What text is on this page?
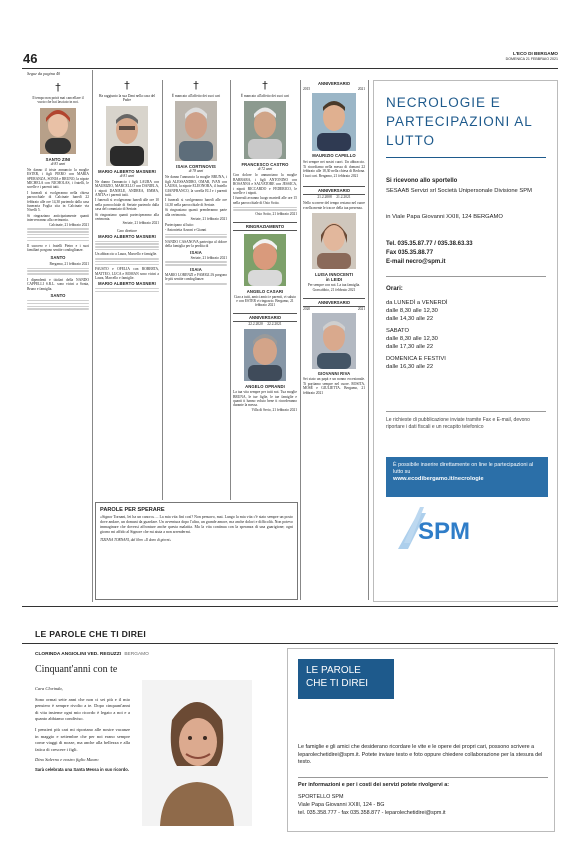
46	L'ECO DI BERGAMO
DOMENICA 21 FEBBRAIO 2021
Segue da pagina 40
†
Il tempo non potrà mai cancellare il vuoto che hai lasciato in noi.
SANTO ZINI
di 83 anni
Ne danno il triste annuncio la moglie ESTER, i figli PIERO con MARIA SPERANZA, SONIA e BRUNO, la nipote MICHELA con NICHOLAS, i fratelli, le sorelle e i parenti tutti.
I funerali si svolgeranno nella chiesa parrocchiale di Calcinate lunedì 22 febbraio alle ore 14,30 partendo dalla casa funeraria Foglia sita in Calcinate via Nivelli 5.
Si ringraziano anticipatamente quanti interverranno alla cerimonia.
Calcinate, 21 febbraio 2021
Il suocero e i fratelli Pietro e i suoi familiari porgono sentite condoglianze.
SANTO
Bergamo, 21 febbraio 2021
I dipendenti e titolari della NANDO CAPPELLI S.R.L. sono vicini a Sonia, Bruno e famiglia.
SANTO
†
Ha raggiunto la sua Dani nella casa del Padre
MARIO ALBERTO MASNERI
di 81 anni
Ne danno l'annuncio i figli LAURA con MAURIZIO, MARCELLO con DANIELA, i nipoti DANIELE, ANDREA, EMMA, ANITA e i parenti tutti.
I funerali si svolgeranno lunedì alle ore 10 nella parrocchiale di Seriate partendo dalla casa del commiato di Seriate.
Si ringraziano quanti parteciperanno alla cerimonia.
Seriate, 21 febbraio 2021
Caro direttore
MARIO ALBERTO MASNERI
Un abbraccio a Laura, Marcello e famiglie.
FAUSTO e OFELIA con ROBERTA, MATTEO, LUCA e ROMAN sono vicini a Laura, Marcello e famiglie.
MARIO ALBERTO MASNERI
†
È mancato all'affetto dei suoi cari
ISAIA CORTINOVIS
di 78 anni
Ne danno l'annuncio la moglie BRUNA, i figli ALESSANDRO, OMAR, IVAN con LAURA, la nipote ELEONORA, il fratello GIANFRANCO, la sorella ELI e i parenti tutti.
I funerali si svolgeranno lunedì alle ore 14,30 nella parrocchiale di Seriate.
Si ringraziano quanti prenderanno parte alla cerimonia.
Seriate, 21 febbraio 2021
Partecipano al lutto:
- Antonietta Azzoni e Gianni
NANDO CASANOVA partecipa al dolore della famiglia per la perdita di
ISAIA
Seriate, 21 febbraio 2021
ISAIA
MARIO LORENZI e FAMIGLIA porgono le più sentite condoglianze.
†
È mancato all'affetto dei suoi cari
FRANCESCO CASTRO
di 72 anni
Con dolore lo annunciano la moglie BARBARA, i figli ANTONINO con ROSANNA e SALVATORE con JESSICA, i nipoti RICCARDO e FEDERICO, le sorelle e i nipoti.
I funerali avranno luogo martedì alle ore 15 nella parrocchiale di Osio Sotto.
Osio Sotto, 21 febbraio 2021
RINGRAZIAMENTO
ANGELO CASARI
Ciao a tutti, amici amici e parenti, vi saluto e con ESTER vi ringrazio. Bergamo, 21 febbraio 2021
ANNIVERSARIO
22.2.2020     22.2.2021
ANGELO OPRANDI
La tua vita sempre per tutti noi. Tua moglie BRUNA, le tue figlie, le tue famiglie e quanti ti hanno voluto bene ti ricorderanno durante la messa.
Villa di Serio, 21 febbraio 2021
ANNIVERSARIO
2015	2021
MAURIZIO CAPELLO
Sei sempre nei nostri cuori. Un abbraccio. Ti ricordiamo nella messa di domani 22 febbraio alle 18,30 nella chiesa di Redona. I tuoi cari. Bergamo, 21 febbraio 2021
ANNIVERSARIO
21.2.2008     21.2.2021
Nello scorrere del tempo restano nel cuore e nella mente le tracce della tua presenza.
LUISA INNOCENTI
in LEIDI
Per sempre con noi. La tua famiglia. Grassobbio, 21 febbraio 2021
ANNIVERSARIO
2020	2021
GIOVANNI RIVA
Sei stato un papà e un nonno eccezionale. Ti portiamo sempre nel cuore. ROSITA, MOSÈ e GIULIETTA. Bergamo, 21 febbraio 2021
PAROLE PER SPERARE
«Signor Tornani, lei ha un cancro» ... La mia vita finì così? Non pensavo, mai. Lungo la mia vita c'è stato sempre un posto dove andare, un domani da guardare. Un avventura dopo l'altra, un grande amore, ma anche dolori e difficoltà. Non potevo immaginare che dovessi affrontare anche questa malattia. Ma la vita continua con la speranza di una guarigione; ogni giorno mi affido al Signore che mi aiuta a non arrendermi.
TIZIANA TORNANI, dal libro «Il dono di giorni»
NECROLOGIE E PARTECIPAZIONI AL LUTTO
Si ricevono allo sportello
SESAAB Servizi srl Società Unipersonale Divisione SPM
in Viale Papa Giovanni XXIII, 124 BERGAMO
Tel. 035.35.87.77 / 035.38.63.33
Fax 035.35.88.77
E-mail necro@spm.it
Orari:
da LUNEDÌ a VENERDÌ
dalle 8,30 alle 12,30
dalle 14,30 alle 22
SABATO
dalle 8,30 alle 12,30
dalle 17,30 alle 22
DOMENICA E FESTIVI
dalle 16,30 alle 22
Le richieste di pubblicazione inviate tramite Fax e E-mail, devono riportare i dati fiscali e un recapito telefonico
È possibile inserire direttamente on line le partecipazioni al lutto su
www.ecodibergamo.it/necrologie
SPM
LE PAROLE CHE TI DIREI
CLORINDA ANGIOLINI VED. REGUZZI BERGAMO
Cinquant'anni con te
Cara Clorinda,
Sono ormai sette anni che non ci sei più e il mio pensiero è sempre rivolto a te. Dopo cinquant'anni di vita insieme ogni mio ricordo è legato a noi e a quanto abbiamo condiviso.
I pensieri più cari mi riportano alle nostre vacanze in maggio e settembre che per noi erano sempre come viaggi di nozze, ma anche alla bellezza e alla fatica di crescere i figli.
Dino Salerno e nostro figlio Mauro
Sarà celebrata una Santa Messa in suo ricordo.
LE PAROLE
CHE TI DIREI
Le famiglie e gli amici che desiderano ricordare le vite e le opere dei propri cari, possono scrivere a leparolechetidirei@spm.it. Potete inviare testo e foto oppure chiedere collaborazione per la stesura del testo.
Per informazioni e per i costi dei servizi potete rivolgervi a:
SPORTELLO SPM
Viale Papa Giovanni XXIII, 124 - BG
tel. 035.358.777 - fax 035.358.877 - leparolechetidirei@spm.it
